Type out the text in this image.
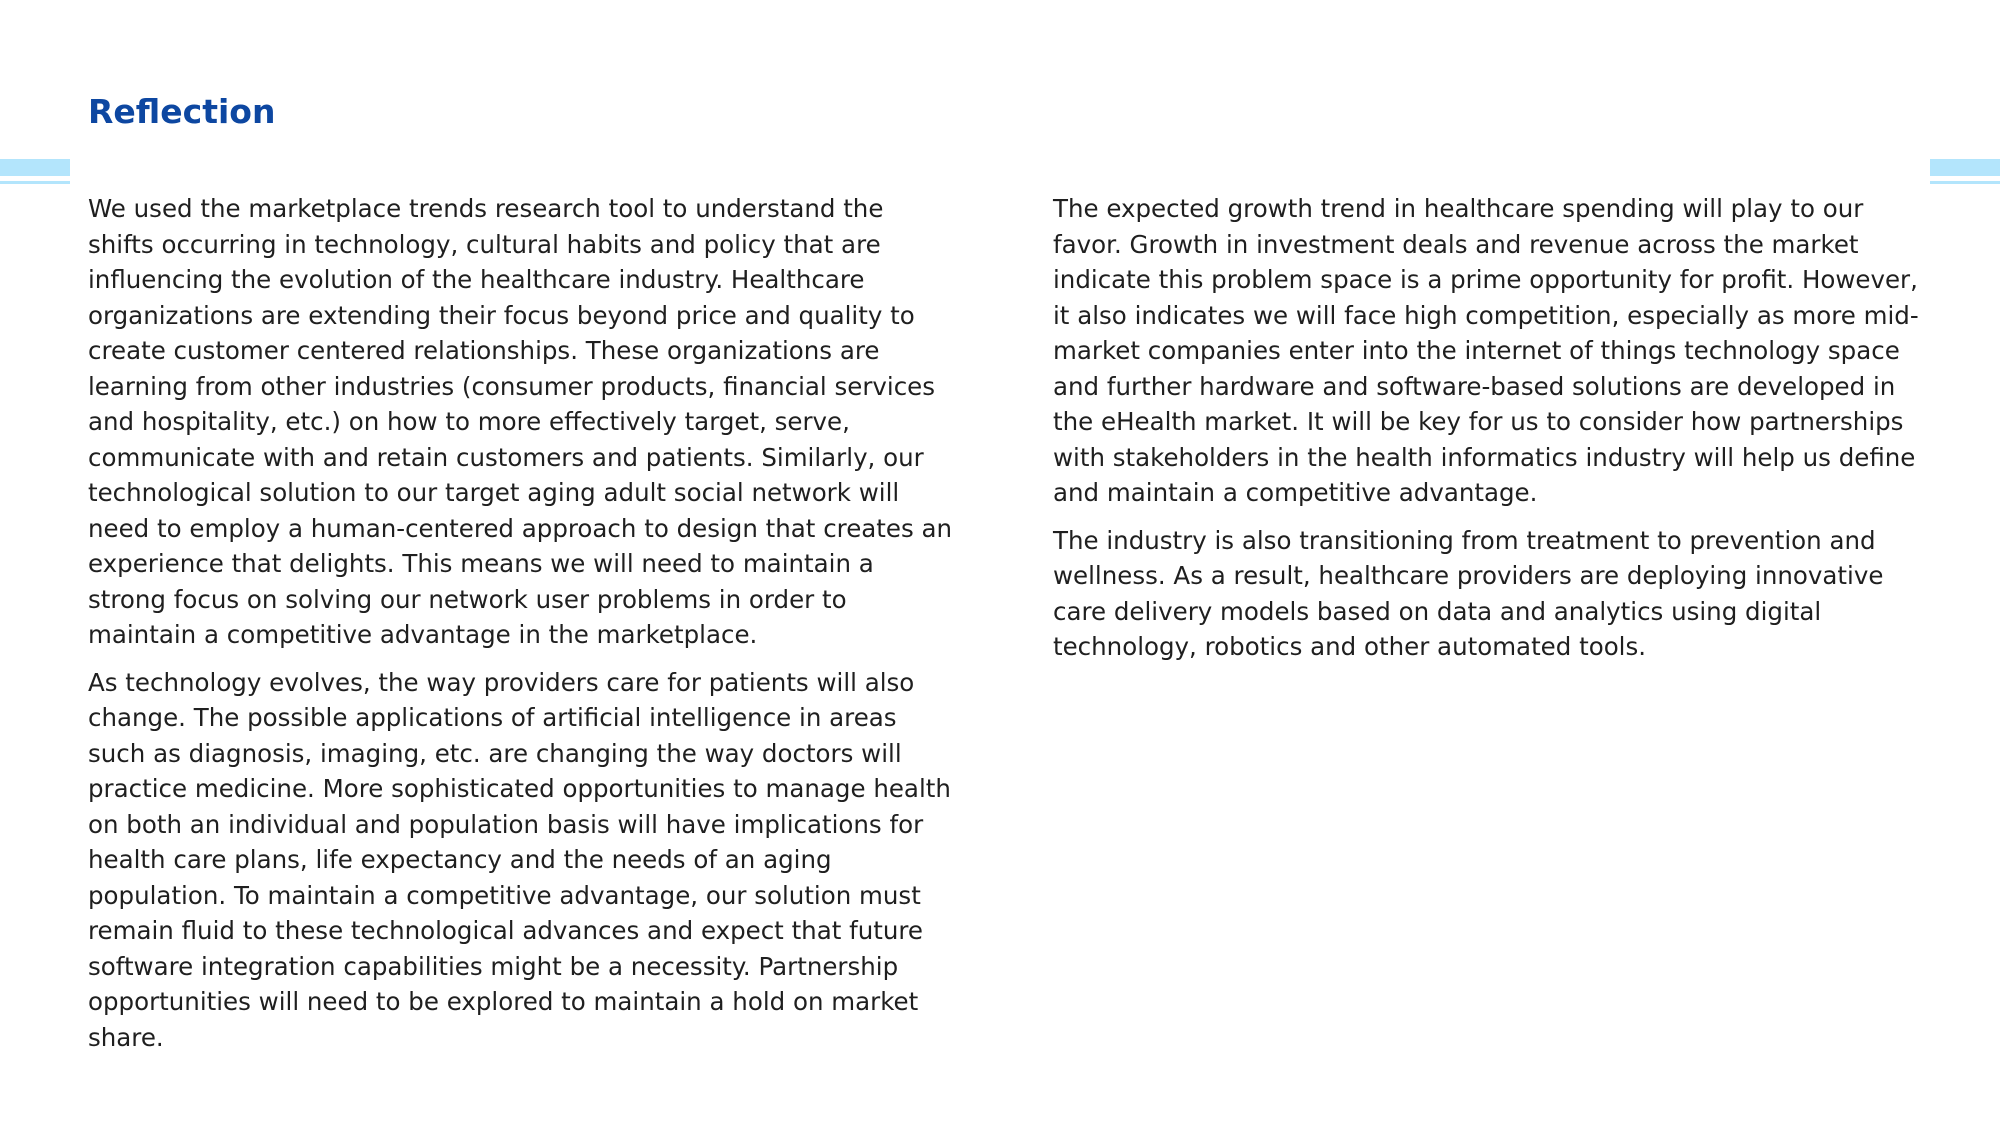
Reflection

We used the marketplace trends research tool to understand the shifts occurring in technology, cultural habits and policy that are influencing the evolution of the healthcare industry. Healthcare organizations are extending their focus beyond price and quality to create customer centered relationships. These organizations are learning from other industries (consumer products, financial services and hospitality, etc.) on how to more effectively target, serve, communicate with and retain customers and patients. Similarly, our technological solution to our target aging adult social network will need to employ a human-centered approach to design that creates an experience that delights. This means we will need to maintain a strong focus on solving our network user problems in order to maintain a competitive advantage in the marketplace.

As technology evolves, the way providers care for patients will also change. The possible applications of artificial intelligence in areas such as diagnosis, imaging, etc. are changing the way doctors will practice medicine. More sophisticated opportunities to manage health on both an individual and population basis will have implications for health care plans, life expectancy and the needs of an aging population. To maintain a competitive advantage, our solution must remain fluid to these technological advances and expect that future software integration capabilities might be a necessity. Partnership opportunities will need to be explored to maintain a hold on market share.

The expected growth trend in healthcare spending will play to our favor. Growth in investment deals and revenue across the market indicate this problem space is a prime opportunity for profit. However, it also indicates we will face high competition, especially as more mid-market companies enter into the internet of things technology space and further hardware and software-based solutions are developed in the eHealth market. It will be key for us to consider how partnerships with stakeholders in the health informatics industry will help us define and maintain a competitive advantage.

The industry is also transitioning from treatment to prevention and wellness. As a result, healthcare providers are deploying innovative care delivery models based on data and analytics using digital technology, robotics and other automated tools.
